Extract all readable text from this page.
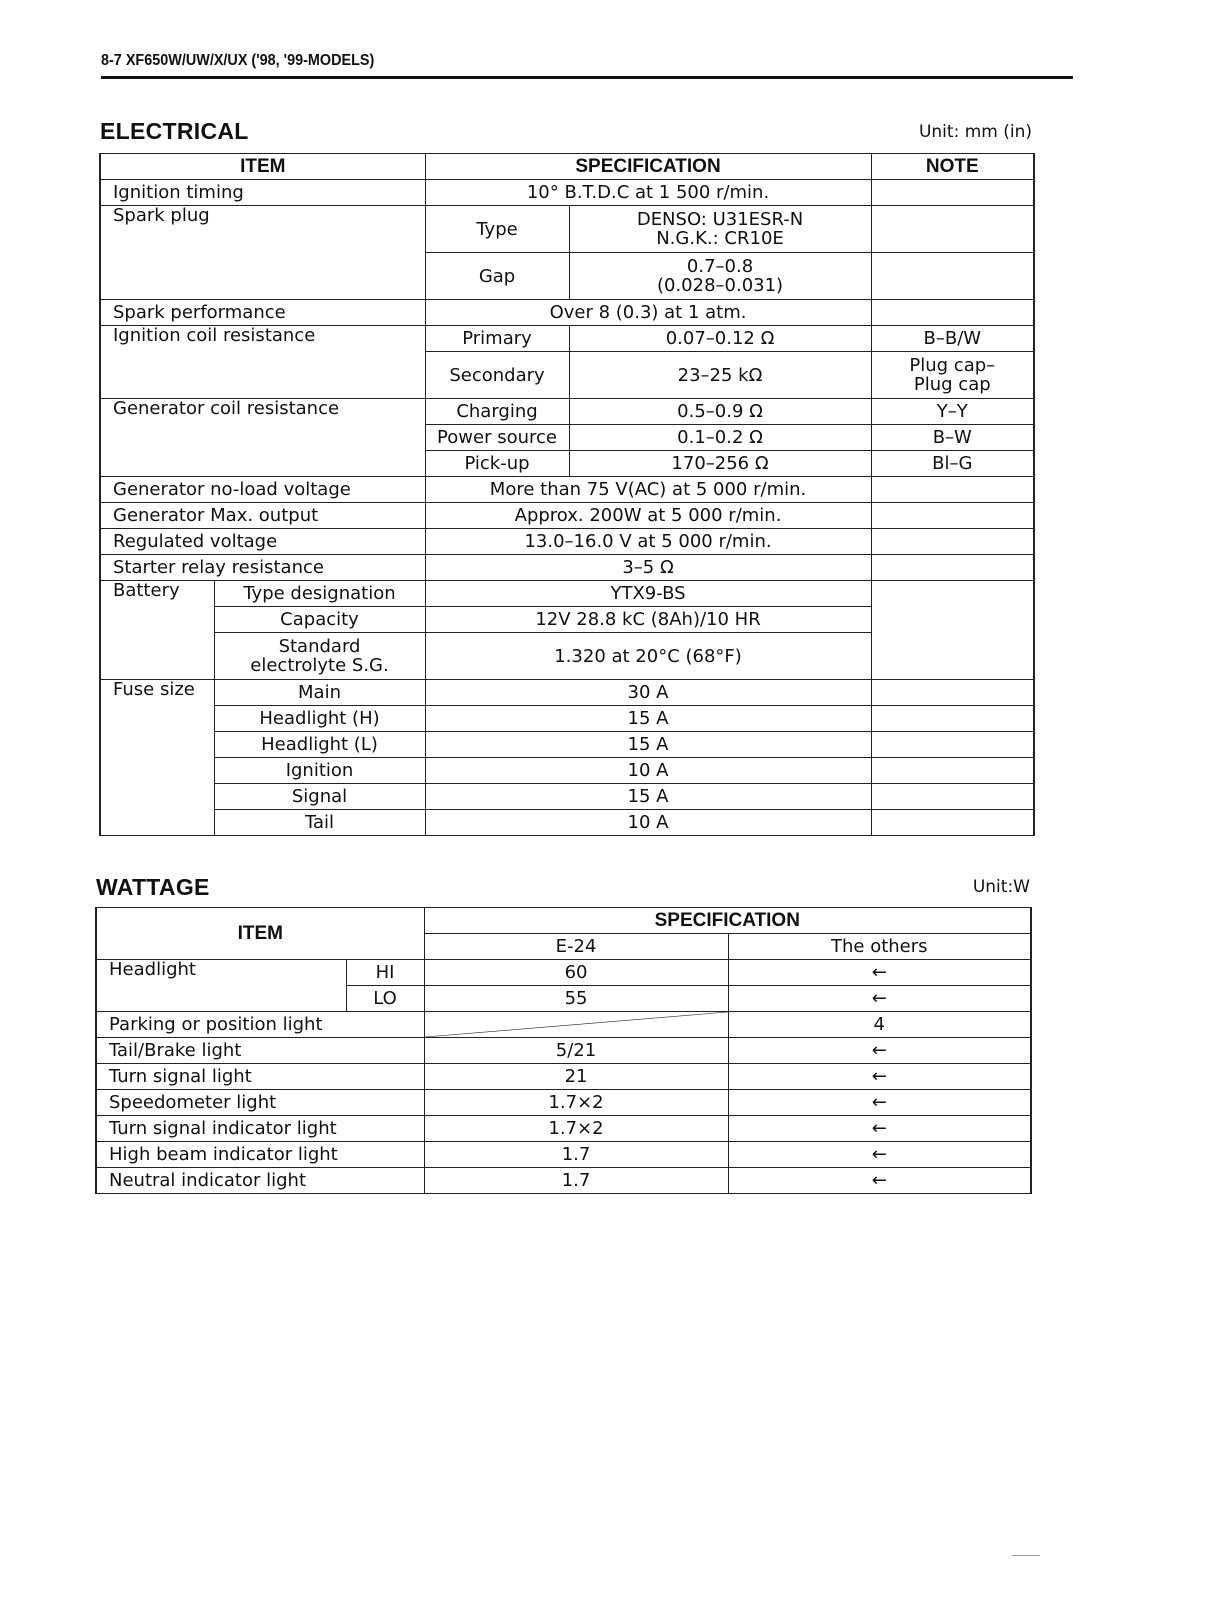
8-7 XF650W/UW/X/UX ('98, '99-MODELS)
ELECTRICAL	Unit: mm (in)
ITEM		SPECIFICATION		NOTE
Ignition timing		10° B.T.D.C at 1 500 r/min.		
Spark plug		Type	DENSO: U31ESR-N
N.G.K.: CR10E	

		Gap	0.7–0.8
(0.028–0.031)	

Spark performance		Over 8 (0.3) at 1 atm.		
Ignition coil resistance		Primary	0.07–0.12 Ω	B–B/W
		Secondary	23–25 kΩ	Plug cap–
Plug cap

Generator coil resistance		Charging	0.5–0.9 Ω	Y–Y
		Power source	0.1–0.2 Ω	B–W
		Pick-up	170–256 Ω	Bl–G
Generator no-load voltage		More than 75 V(AC) at 5 000 r/min.		
Generator Max. output		Approx. 200W at 5 000 r/min.		
Regulated voltage		13.0–16.0 V at 5 000 r/min.		
Starter relay resistance		3–5 Ω		
Battery	Type designation	YTX9-BS		
	Capacity	12V 28.8 kC (8Ah)/10 HR		

	Standard
electrolyte S.G.	1.320 at 20°C (68°F)		
Fuse size	Main	30 A		
	Headlight (H)	15 A		
	Headlight (L)	15 A		
	Ignition	10 A		
	Signal	15 A		
	Tail	10 A		
WATTAGE	Unit:W
ITEM		SPECIFICATION	
		E-24	The others
Headlight	HI	60	←
	LO	55	←
Parking or position light			4
Tail/Brake light		5/21	←
Turn signal light		21	←
Speedometer light		1.7×2	←
Turn signal indicator light		1.7×2	←
High beam indicator light		1.7	←
Neutral indicator light		1.7	←
